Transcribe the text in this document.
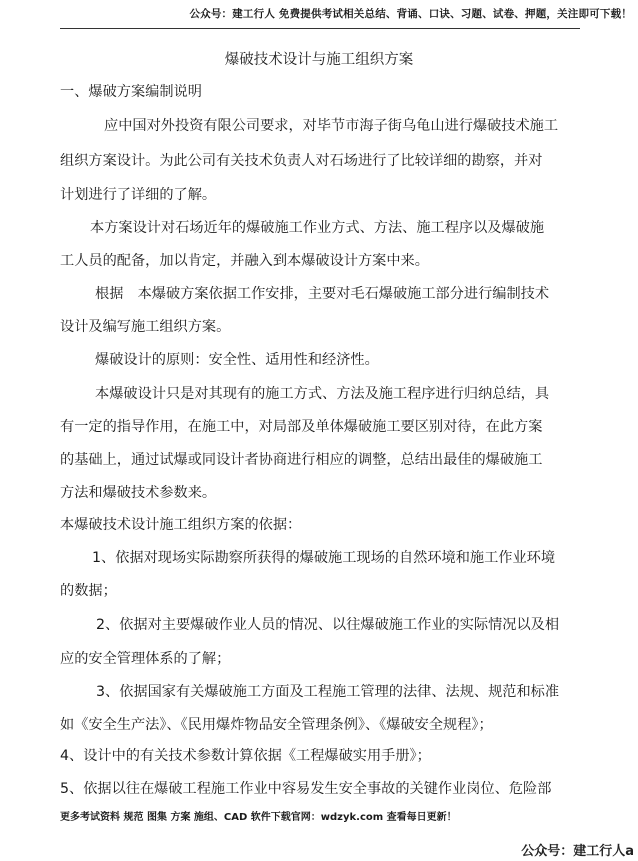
公众号：建工行人 免费提供考试相关总结、背诵、口诀、习题、试卷、押题，关注即可下载！
爆破技术设计与施工组织方案
一、爆破方案编制说明
应中国对外投资有限公司要求，对毕节市海子街乌龟山进行爆破技术施工
组织方案设计。为此公司有关技术负责人对石场进行了比较详细的勘察，并对
计划进行了详细的了解。
本方案设计对石场近年的爆破施工作业方式、方法、施工程序以及爆破施
工人员的配备，加以肯定，并融入到本爆破设计方案中来。
根据　本爆破方案依据工作安排，主要对毛石爆破施工部分进行编制技术
设计及编写施工组织方案。
爆破设计的原则：安全性、适用性和经济性。
本爆破设计只是对其现有的施工方式、方法及施工程序进行归纳总结，具
有一定的指导作用，在施工中，对局部及单体爆破施工要区别对待，在此方案
的基础上，通过试爆或同设计者协商进行相应的调整，总结出最佳的爆破施工
方法和爆破技术参数来。
本爆破技术设计施工组织方案的依据：
1、依据对现场实际勘察所获得的爆破施工现场的自然环境和施工作业环境
的数据；
2、依据对主要爆破作业人员的情况、以往爆破施工作业的实际情况以及相
应的安全管理体系的了解；
3、依据国家有关爆破施工方面及工程施工管理的法律、法规、规范和标准
如《安全生产法》、《民用爆炸物品安全管理条例》、《爆破安全规程》；
4、设计中的有关技术参数计算依据《工程爆破实用手册》；
5、依据以往在爆破工程施工作业中容易发生安全事故的关键作业岗位、危险部
更多考试资料 规范 图集 方案 施组、CAD 软件下载官网：wdzyk.com 查看每日更新！
公众号：建工行人a
